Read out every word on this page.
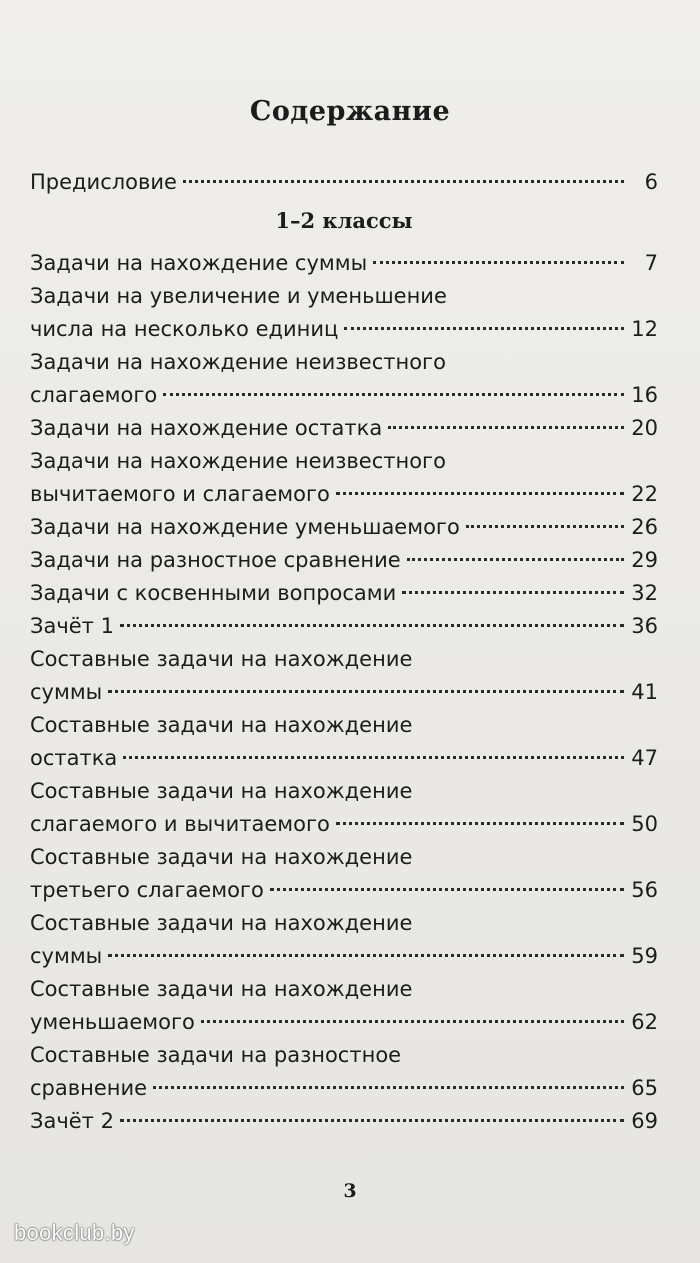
Содержание
Предисловие	6
1–2 классы
Задачи на нахождение суммы	7
Задачи на увеличение и уменьшение
числа на несколько единиц	12
Задачи на нахождение неизвестного
слагаемого	16
Задачи на нахождение остатка	20
Задачи на нахождение неизвестного
вычитаемого и слагаемого	22
Задачи на нахождение уменьшаемого	26
Задачи на разностное сравнение	29
Задачи с косвенными вопросами	32
Зачёт 1	36
Составные задачи на нахождение
суммы	41
Составные задачи на нахождение
остатка	47
Составные задачи на нахождение
слагаемого и вычитаемого	50
Составные задачи на нахождение
третьего слагаемого	56
Составные задачи на нахождение
суммы	59
Составные задачи на нахождение
уменьшаемого	62
Составные задачи на разностное
сравнение	65
Зачёт 2	69
3
bookclub.by
